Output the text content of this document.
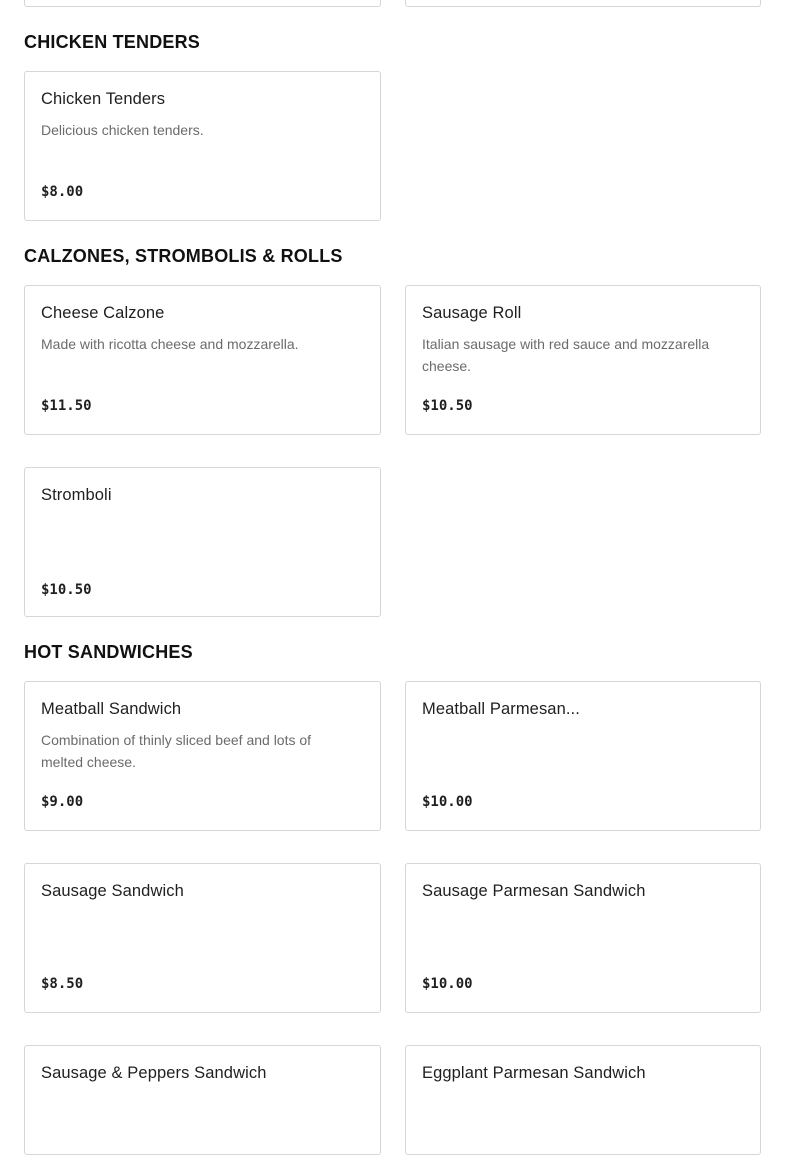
CHICKEN TENDERS
Chicken Tenders
Delicious chicken tenders.
$8.00
CALZONES, STROMBOLIS & ROLLS
Cheese Calzone
Made with ricotta cheese and mozzarella.
$11.50
Sausage Roll
Italian sausage with red sauce and mozzarella cheese.
$10.50
Stromboli
$10.50
HOT SANDWICHES
Meatball Sandwich
Combination of thinly sliced beef and lots of melted cheese.
$9.00
Meatball Parmesan...
$10.00
Sausage Sandwich
$8.50
Sausage Parmesan Sandwich
$10.00
Sausage & Peppers Sandwich	Eggplant Parmesan Sandwich
